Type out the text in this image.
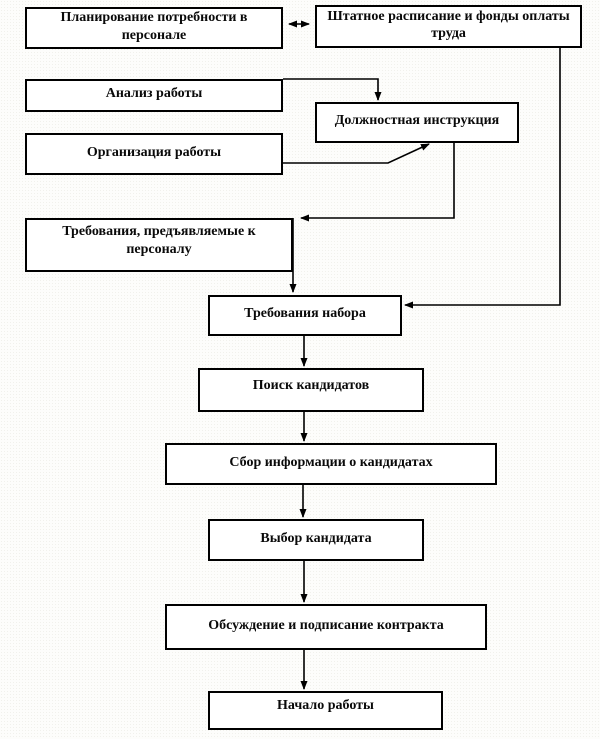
Планирование потребности в персонале
Штатное расписание и фонды оплаты труда
Анализ работы
Должностная инструкция
Организация работы
Требования, предъявляемые к персоналу
Требования набора
Поиск кандидатов
Сбор информации о кандидатах
Выбор кандидата
Обсуждение и подписание контракта
Начало работы
